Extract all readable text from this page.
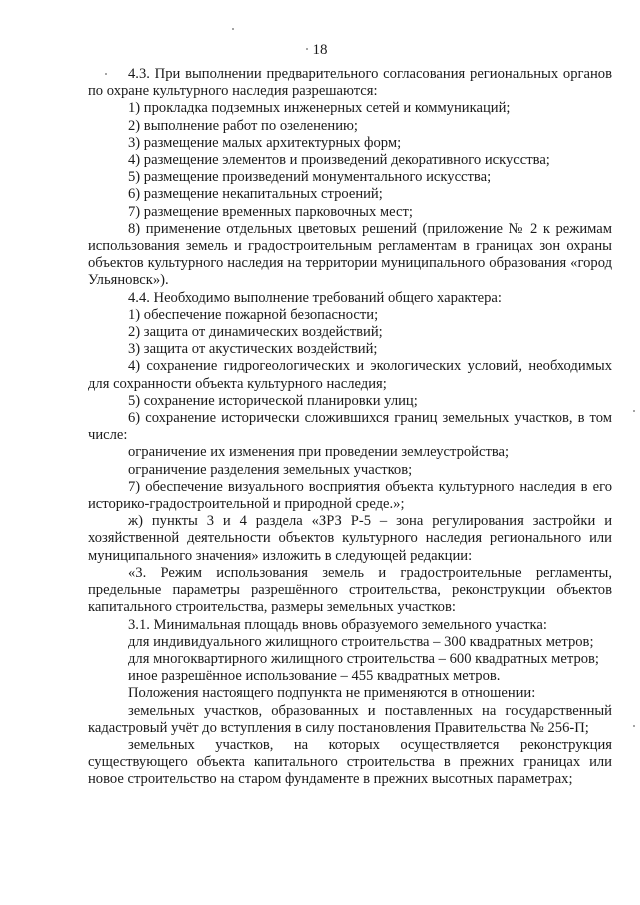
18

4.3. При выполнении предварительного согласования региональных органов по охране культурного наследия разрешаются:

1) прокладка подземных инженерных сетей и коммуникаций;

2) выполнение работ по озеленению;

3) размещение малых архитектурных форм;

4) размещение элементов и произведений декоративного искусства;

5) размещение произведений монументального искусства;

6) размещение некапитальных строений;

7) размещение временных парковочных мест;

8) применение отдельных цветовых решений (приложение № 2 к режимам использования земель и градостроительным регламентам в границах зон охраны объектов культурного наследия на территории муниципального образования «город Ульяновск»).

4.4. Необходимо выполнение требований общего характера:

1) обеспечение пожарной безопасности;

2) защита от динамических воздействий;

3) защита от акустических воздействий;

4) сохранение гидрогеологических и экологических условий, необходимых для сохранности объекта культурного наследия;

5) сохранение исторической планировки улиц;

6) сохранение исторически сложившихся границ земельных участков, в том числе:

ограничение их изменения при проведении землеустройства;

ограничение разделения земельных участков;

7) обеспечение визуального восприятия объекта культурного наследия в его историко-градостроительной и природной среде.»;

ж) пункты 3 и 4 раздела «ЗРЗ Р-5 – зона регулирования застройки и хозяйственной деятельности объектов культурного наследия регионального или муниципального значения» изложить в следующей редакции:

«3. Режим использования земель и градостроительные регламенты, предельные параметры разрешённого строительства, реконструкции объектов капитального строительства, размеры земельных участков:

3.1. Минимальная площадь вновь образуемого земельного участка:

для индивидуального жилищного строительства – 300 квадратных метров;

для многоквартирного жилищного строительства – 600 квадратных метров;

иное разрешённое использование – 455 квадратных метров.

Положения настоящего подпункта не применяются в отношении:

земельных участков, образованных и поставленных на государственный кадастровый учёт до вступления в силу постановления Правительства № 256-П;

земельных участков, на которых осуществляется реконструкция существующего объекта капитального строительства в прежних границах или новое строительство на старом фундаменте в прежних высотных параметрах;
